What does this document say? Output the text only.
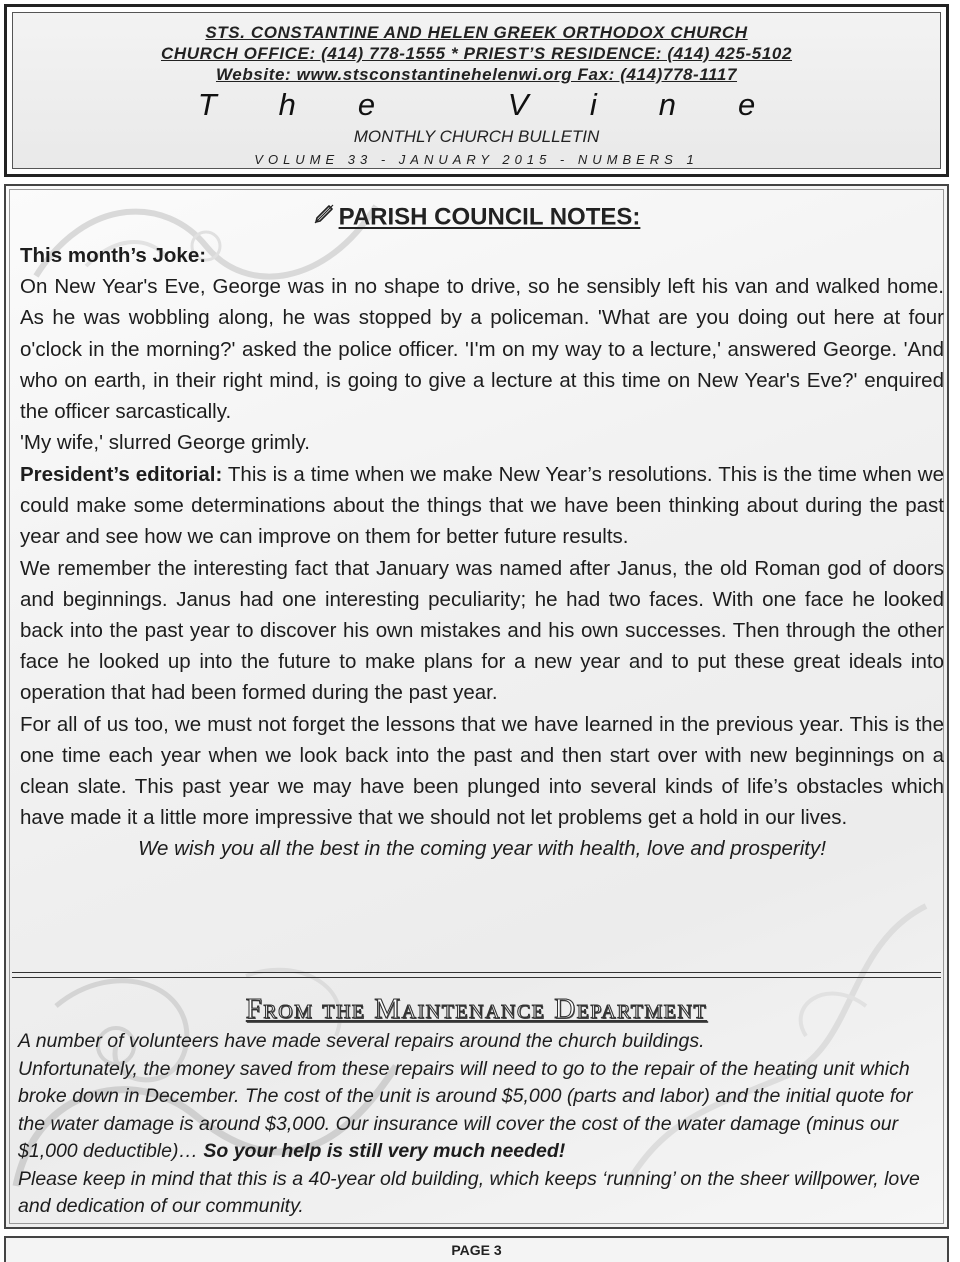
STS. CONSTANTINE AND HELEN GREEK ORTHODOX CHURCH
CHURCH OFFICE: (414) 778-1555 * PRIEST’S RESIDENCE: (414) 425-5102
Website: www.stsconstantinehelenwi.org Fax: (414)778-1117
The Vine
MONTHLY CHURCH BULLETIN
VOLUME 33 - JANUARY 2015 - NUMBERS 1
PARISH COUNCIL NOTES:

This month’s Joke:

On New Year's Eve, George was in no shape to drive, so he sensibly left his van and walked home. As he was wobbling along, he was stopped by a policeman. 'What are you doing out here at four o'clock in the morning?' asked the police officer. 'I'm on my way to a lecture,' answered George. 'And who on earth, in their right mind, is going to give a lecture at this time on New Year's Eve?' enquired the officer sarcastically.

'My wife,' slurred George grimly.

President’s editorial: This is a time when we make New Year’s resolutions. This is the time when we could make some determinations about the things that we have been thinking about during the past year and see how we can improve on them for better future results.

We remember the interesting fact that January was named after Janus, the old Roman god of doors and beginnings. Janus had one interesting peculiarity; he had two faces. With one face he looked back into the past year to discover his own mistakes and his own successes. Then through the other face he looked up into the future to make plans for a new year and to put these great ideals into operation that had been formed during the past year.

For all of us too, we must not forget the lessons that we have learned in the previous year. This is the one time each year when we look back into the past and then start over with new beginnings on a clean slate. This past year we may have been plunged into several kinds of life’s obstacles which have made it a little more impressive that we should not let problems get a hold in our lives.

We wish you all the best in the coming year with health, love and prosperity!

From the Maintenance Department

A number of volunteers have made several repairs around the church buildings.

Unfortunately, the money saved from these repairs will need to go to the repair of the heating unit which broke down in December. The cost of the unit is around $5,000 (parts and labor) and the initial quote for the water damage is around $3,000. Our insurance will cover the cost of the water damage (minus our $1,000 deductible)… So your help is still very much needed!

Please keep in mind that this is a 40-year old building, which keeps ‘running’ on the sheer willpower, love and dedication of our community.

PAGE 3
